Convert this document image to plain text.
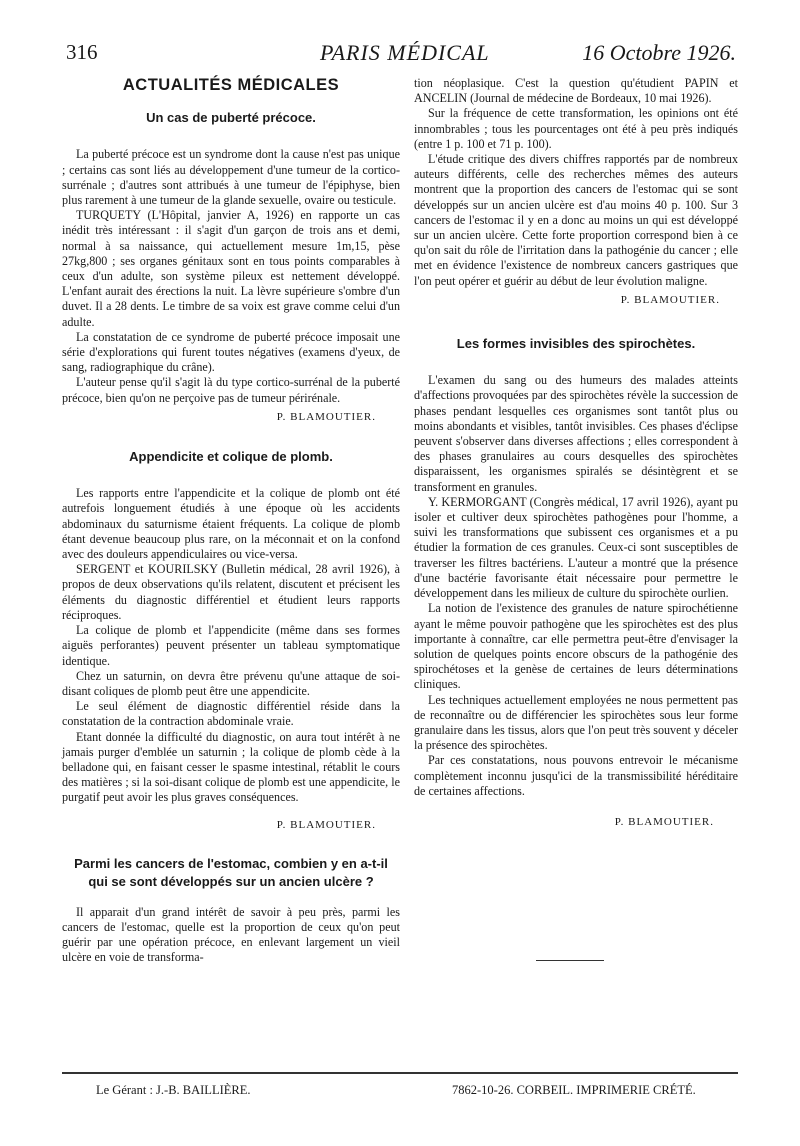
316	PARIS MÉDICAL	16 Octobre 1926.
ACTUALITÉS MÉDICALES
Un cas de puberté précoce.

La puberté précoce est un syndrome dont la cause n'est pas unique ; certains cas sont liés au développement d'une tumeur de la cortico-surrénale ; d'autres sont attribués à une tumeur de l'épiphyse, bien plus rarement à une tumeur de la glande sexuelle, ovaire ou testicule.

TURQUETY (L'Hôpital, janvier A, 1926) en rapporte un cas inédit très intéressant : il s'agit d'un garçon de trois ans et demi, normal à sa naissance, qui actuellement mesure 1m,15, pèse 27kg,800 ; ses organes génitaux sont en tous points comparables à ceux d'un adulte, son système pileux est nettement développé. L'enfant aurait des érections la nuit. La lèvre supérieure s'ombre d'un duvet. Il a 28 dents. Le timbre de sa voix est grave comme celui d'un adulte.

La constatation de ce syndrome de puberté précoce imposait une série d'explorations qui furent toutes négatives (examens d'yeux, de sang, radiographique du crâne).

L'auteur pense qu'il s'agit là du type cortico-surrénal de la puberté précoce, bien qu'on ne perçoive pas de tumeur périrénale.

P. BLAMOUTIER.
Appendicite et colique de plomb.

Les rapports entre l'appendicite et la colique de plomb ont été autrefois longuement étudiés à une époque où les accidents abdominaux du saturnisme étaient fréquents. La colique de plomb étant devenue beaucoup plus rare, on la méconnait et on la confond avec des douleurs appendiculaires ou vice-versa.

SERGENT et KOURILSKY (Bulletin médical, 28 avril 1926), à propos de deux observations qu'ils relatent, discutent et précisent les éléments du diagnostic différentiel et étudient leurs rapports réciproques.

La colique de plomb et l'appendicite (même dans ses formes aiguës perforantes) peuvent présenter un tableau symptomatique identique.

Chez un saturnin, on devra être prévenu qu'une attaque de soi-disant coliques de plomb peut être une appendicite.

Le seul élément de diagnostic différentiel réside dans la constatation de la contraction abdominale vraie.

Etant donnée la difficulté du diagnostic, on aura tout intérêt à ne jamais purger d'emblée un saturnin ; la colique de plomb cède à la belladone qui, en faisant cesser le spasme intestinal, rétablit le cours des matières ; si la soi-disant colique de plomb est une appendicite, le purgatif peut avoir les plus graves conséquences.

P. BLAMOUTIER.
Parmi les cancers de l'estomac, combien y en a-t-il qui se sont développés sur un ancien ulcère ?

Il apparait d'un grand intérêt de savoir à peu près, parmi les cancers de l'estomac, quelle est la proportion de ceux qu'on peut guérir par une opération précoce, en enlevant largement un vieil ulcère en voie de transforma-

tion néoplasique. C'est la question qu'étudient PAPIN et ANCELIN (Journal de médecine de Bordeaux, 10 mai 1926).

Sur la fréquence de cette transformation, les opinions ont été innombrables ; tous les pourcentages ont été à peu près indiqués (entre 1 p. 100 et 71 p. 100).

L'étude critique des divers chiffres rapportés par de nombreux auteurs différents, celle des recherches mêmes des auteurs montrent que la proportion des cancers de l'estomac qui se sont développés sur un ancien ulcère est d'au moins 40 p. 100. Sur 3 cancers de l'estomac il y en a donc au moins un qui est développé sur un ancien ulcère. Cette forte proportion correspond bien à ce qu'on sait du rôle de l'irritation dans la pathogénie du cancer ; elle met en évidence l'existence de nombreux cancers gastriques que l'on peut opérer et guérir au début de leur évolution maligne.

P. BLAMOUTIER.
Les formes invisibles des spirochètes.

L'examen du sang ou des humeurs des malades atteints d'affections provoquées par des spirochètes révèle la succession de phases pendant lesquelles ces organismes sont tantôt plus ou moins abondants et visibles, tantôt invisibles. Ces phases d'éclipse peuvent s'observer dans diverses affections ; elles correspondent à des phases granulaires au cours desquelles des spirochètes disparaissent, les organismes spiralés se désintègrent et se transforment en granules.

Y. KERMORGANT (Congrès médical, 17 avril 1926), ayant pu isoler et cultiver deux spirochètes pathogènes pour l'homme, a suivi les transformations que subissent ces organismes et a pu étudier la formation de ces granules. Ceux-ci sont susceptibles de traverser les filtres bactériens. L'auteur a montré que la présence d'une bactérie favorisante était nécessaire pour permettre le développement dans les milieux de culture du spirochète ourlien.

La notion de l'existence des granules de nature spirochétienne ayant le même pouvoir pathogène que les spirochètes est des plus importante à connaître, car elle permettra peut-être d'envisager la solution de quelques points encore obscurs de la pathogénie des spirochétoses et la genèse de certaines de leurs déterminations cliniques.

Les techniques actuellement employées ne nous permettent pas de reconnaître ou de différencier les spirochètes sous leur forme granulaire dans les tissus, alors que l'on peut très souvent y déceler la présence des spirochètes.

Par ces constatations, nous pouvons entrevoir le mécanisme complètement inconnu jusqu'ici de la transmissibilité héréditaire de certaines affections.

P. BLAMOUTIER.
Le Gérant : J.-B. BAILLIÈRE.	7862-10-26. CORBEIL. IMPRIMERIE CRÉTÉ.
